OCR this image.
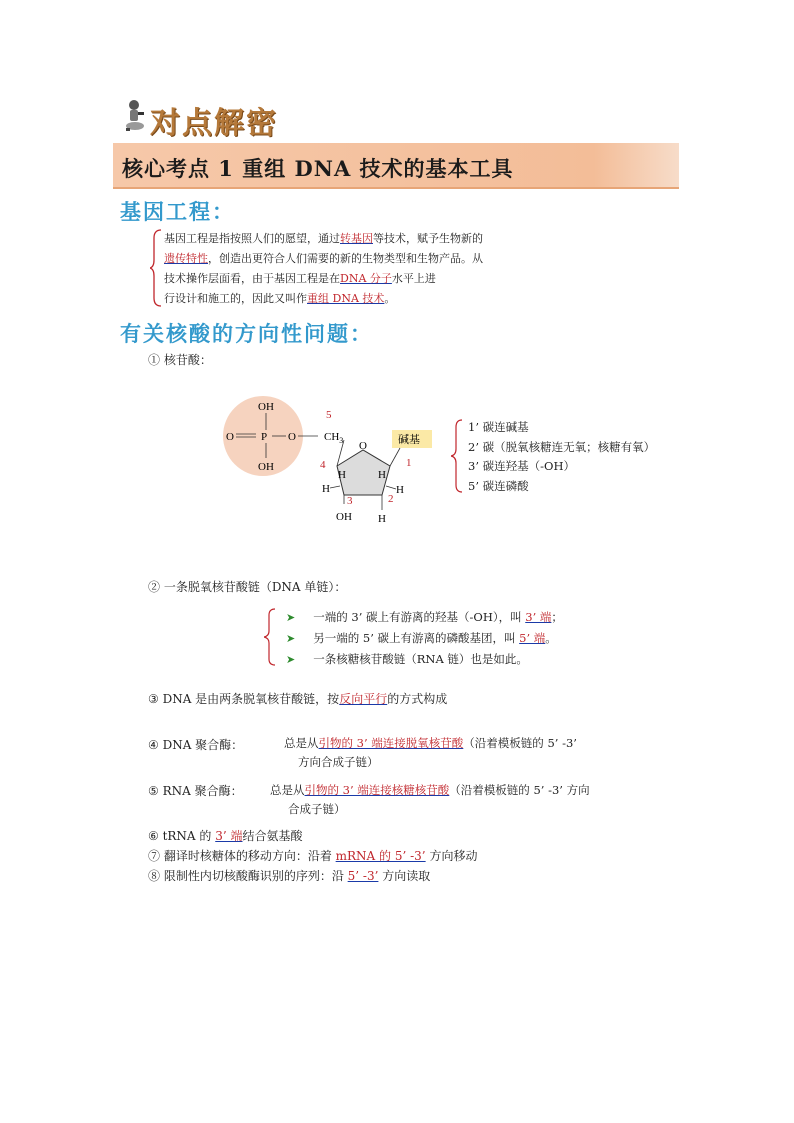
对点解密
核心考点 1 重组 DNA 技术的基本工具
基因工程：
基因工程是指按照人们的愿望，通过转基因等技术，赋予生物新的
遗传特性，创造出更符合人们需要的新的生物类型和生物产品。从
技术操作层面看，由于基因工程是在DNA 分子水平上进
行设计和施工的，因此又叫作重组 DNA 技术。
有关核酸的方向性问题：
① 核苷酸：
OH
O P O
OH
5
$CH_3$ O	碱基
4	1
H	H
H	H
3	2
OH H
1’ 碳连碱基
2’ 碳（脱氧核糖连无氧；核糖有氧）
3’ 碳连羟基（-OH）
5’ 碳连磷酸
② 一条脱氧核苷酸链（DNA 单链）：
➤ 一端的 3’ 碳上有游离的羟基（-OH），叫 3’ 端；
➤ 另一端的 5’ 碳上有游离的磷酸基团，叫 5’ 端。
➤ 一条核糖核苷酸链（RNA 链）也是如此。
③ DNA 是由两条脱氧核苷酸链，按反向平行的方式构成
④ DNA 聚合酶：	总是从引物的 3’ 端连接脱氧核苷酸（沿着模板链的 5’ -3’
方向合成子链）
⑤ RNA 聚合酶： 总是从引物的 3’ 端连接核糖核苷酸（沿着模板链的 5’ -3’ 方向
合成子链）
⑥ tRNA 的 3’ 端结合氨基酸
⑦ 翻译时核糖体的移动方向：沿着 mRNA 的 5’ -3’ 方向移动
⑧ 限制性内切核酸酶识别的序列：沿 5’ -3’ 方向读取
